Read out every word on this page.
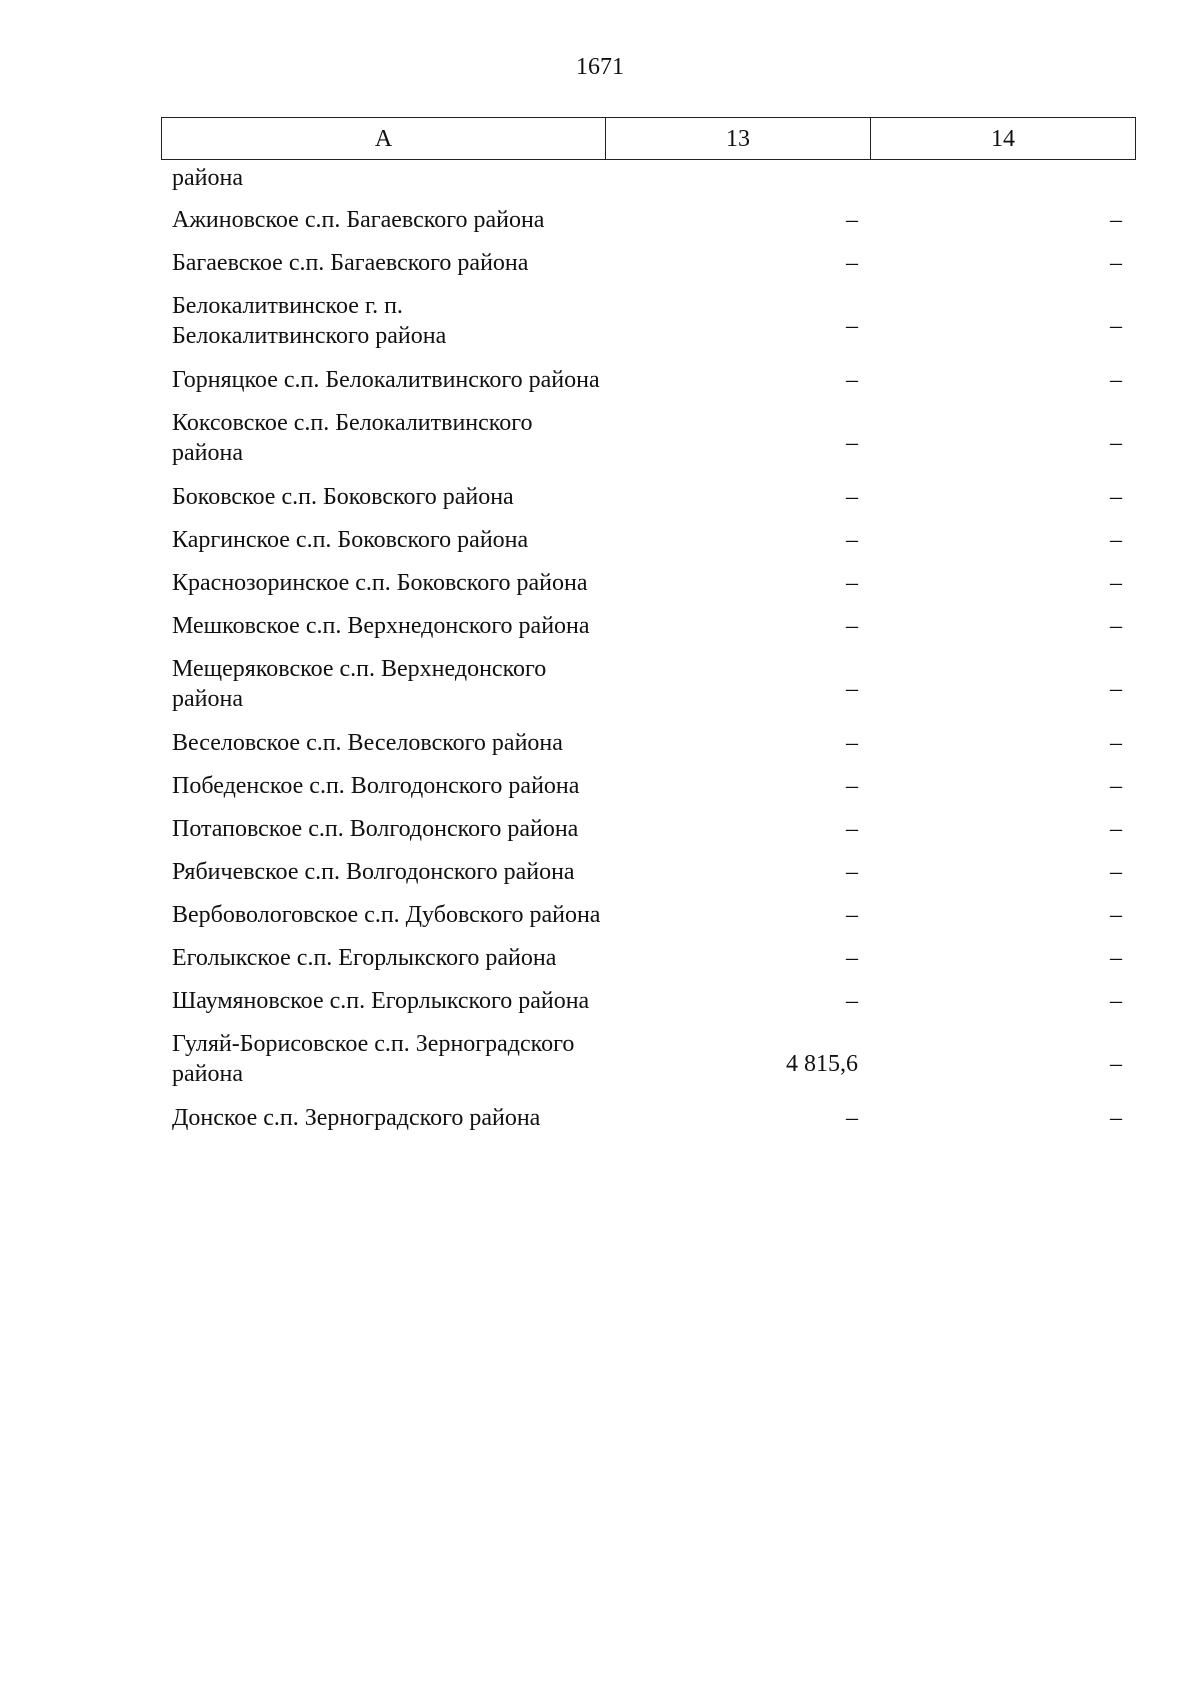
1671
А	13	14
района
Ажиновское с.п. Багаевского района	–	–
Багаевское с.п. Багаевского района	–	–
Белокалитвинское г. п. Белокалитвинского района	–	–
Горняцкое с.п. Белокалитвинского района	–	–
Коксовское с.п. Белокалитвинского района	–	–
Боковское с.п. Боковского района	–	–
Каргинское с.п. Боковского района	–	–
Краснозоринское с.п. Боковского района	–	–
Мешковское с.п. Верхнедонского района	–	–
Мещеряковское с.п. Верхнедонского района	–	–
Веселовское с.п. Веселовского района	–	–
Победенское с.п. Волгодонского района	–	–
Потаповское с.п. Волгодонского района	–	–
Рябичевское с.п. Волгодонского района	–	–
Вербовологовское с.п. Дубовского района	–	–
Еголыкское с.п. Егорлыкского района	–	–
Шаумяновское с.п. Егорлыкского района	–	–
Гуляй-Борисовское с.п. Зерноградского района	4 815,6	–
Донское с.п. Зерноградского района	–	–
